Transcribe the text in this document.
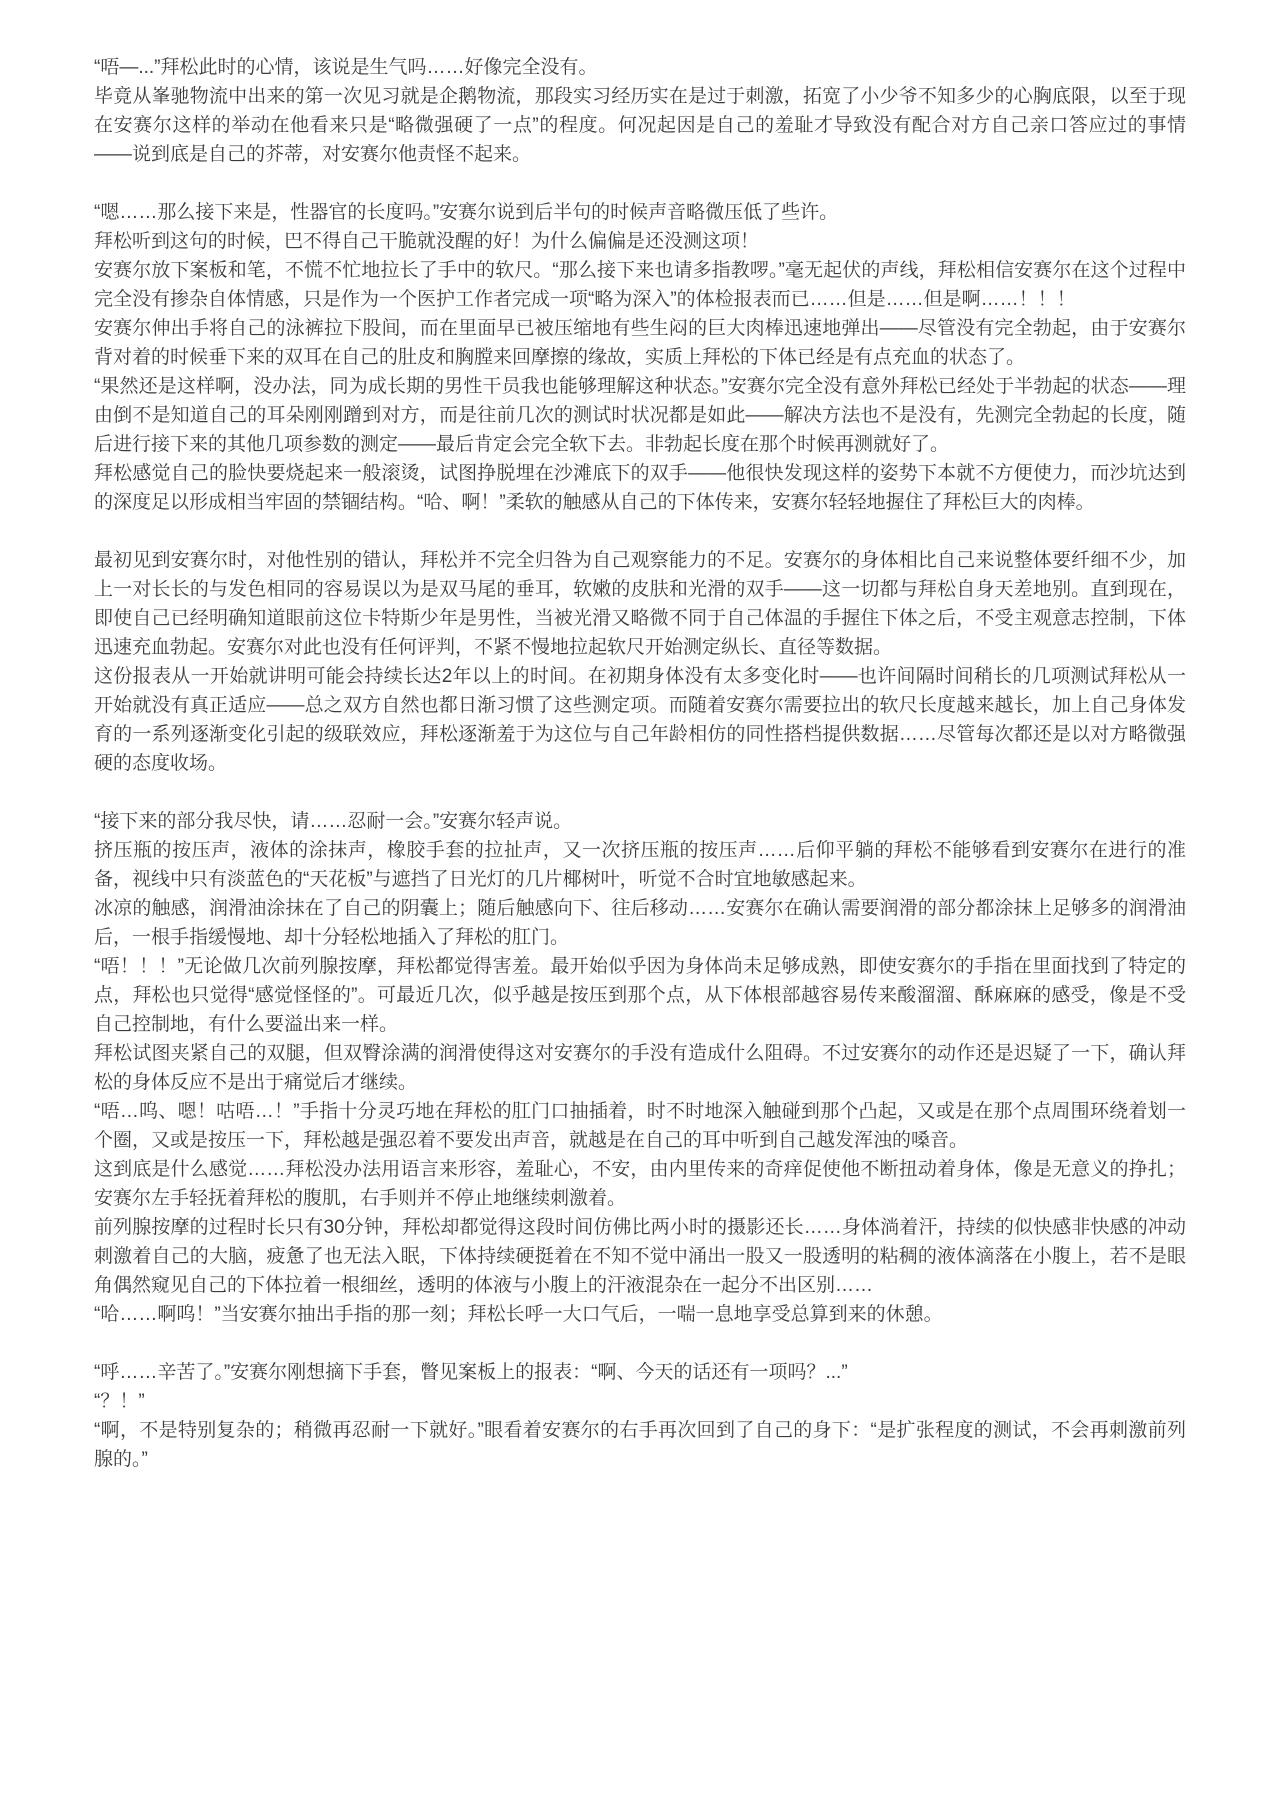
“唔—...”拜松此时的心情，该说是生气吗……好像完全没有。

毕竟从峯驰物流中出来的第一次见习就是企鹅物流，那段实习经历实在是过于刺激，拓宽了小少爷不知多少的心胸底限，以至于现在安赛尔这样的举动在他看来只是“略微强硬了一点”的程度。何况起因是自己的羞耻才导致没有配合对方自己亲口答应过的事情——说到底是自己的芥蒂，对安赛尔他责怪不起来。

“嗯……那么接下来是，性器官的长度吗。”安赛尔说到后半句的时候声音略微压低了些许。

拜松听到这句的时候，巴不得自己干脆就没醒的好！为什么偏偏是还没测这项！

安赛尔放下案板和笔，不慌不忙地拉长了手中的软尺。“那么接下来也请多指教啰。”毫无起伏的声线，拜松相信安赛尔在这个过程中完全没有掺杂自体情感，只是作为一个医护工作者完成一项“略为深入”的体检报表而已……但是……但是啊……！！！

安赛尔伸出手将自己的泳裤拉下股间，而在里面早已被压缩地有些生闷的巨大肉棒迅速地弹出——尽管没有完全勃起，由于安赛尔背对着的时候垂下来的双耳在自己的肚皮和胸膛来回摩擦的缘故，实质上拜松的下体已经是有点充血的状态了。

“果然还是这样啊，没办法，同为成长期的男性干员我也能够理解这种状态。”安赛尔完全没有意外拜松已经处于半勃起的状态——理由倒不是知道自己的耳朵刚刚蹭到对方，而是往前几次的测试时状况都是如此——解决方法也不是没有，先测完全勃起的长度，随后进行接下来的其他几项参数的测定——最后肯定会完全软下去。非勃起长度在那个时候再测就好了。

拜松感觉自己的脸快要烧起来一般滚烫，试图挣脱埋在沙滩底下的双手——他很快发现这样的姿势下本就不方便使力，而沙坑达到的深度足以形成相当牢固的禁锢结构。“哈、啊！”柔软的触感从自己的下体传来，安赛尔轻轻地握住了拜松巨大的肉棒。

最初见到安赛尔时，对他性别的错认，拜松并不完全归咎为自己观察能力的不足。安赛尔的身体相比自己来说整体要纤细不少，加上一对长长的与发色相同的容易误以为是双马尾的垂耳，软嫩的皮肤和光滑的双手——这一切都与拜松自身天差地别。直到现在，即使自己已经明确知道眼前这位卡特斯少年是男性，当被光滑又略微不同于自己体温的手握住下体之后，不受主观意志控制，下体迅速充血勃起。安赛尔对此也没有任何评判，不紧不慢地拉起软尺开始测定纵长、直径等数据。

这份报表从一开始就讲明可能会持续长达2年以上的时间。在初期身体没有太多变化时——也许间隔时间稍长的几项测试拜松从一开始就没有真正适应——总之双方自然也都日渐习惯了这些测定项。而随着安赛尔需要拉出的软尺长度越来越长，加上自己身体发育的一系列逐渐变化引起的级联效应，拜松逐渐羞于为这位与自己年龄相仿的同性搭档提供数据……尽管每次都还是以对方略微强硬的态度收场。

“接下来的部分我尽快，请……忍耐一会。”安赛尔轻声说。

挤压瓶的按压声，液体的涂抹声，橡胶手套的拉扯声，又一次挤压瓶的按压声……后仰平躺的拜松不能够看到安赛尔在进行的准备，视线中只有淡蓝色的“天花板”与遮挡了日光灯的几片椰树叶，听觉不合时宜地敏感起来。

冰凉的触感，润滑油涂抹在了自己的阴囊上；随后触感向下、往后移动……安赛尔在确认需要润滑的部分都涂抹上足够多的润滑油后，一根手指缓慢地、却十分轻松地插入了拜松的肛门。

“唔！！！”无论做几次前列腺按摩，拜松都觉得害羞。最开始似乎因为身体尚未足够成熟，即使安赛尔的手指在里面找到了特定的点，拜松也只觉得“感觉怪怪的”。可最近几次，似乎越是按压到那个点，从下体根部越容易传来酸溜溜、酥麻麻的感受，像是不受自己控制地，有什么要溢出来一样。

拜松试图夹紧自己的双腿，但双臀涂满的润滑使得这对安赛尔的手没有造成什么阻碍。不过安赛尔的动作还是迟疑了一下，确认拜松的身体反应不是出于痛觉后才继续。

“唔…呜、嗯！咕唔…！”手指十分灵巧地在拜松的肛门口抽插着，时不时地深入触碰到那个凸起，又或是在那个点周围环绕着划一个圈，又或是按压一下，拜松越是强忍着不要发出声音，就越是在自己的耳中听到自己越发浑浊的嗓音。

这到底是什么感觉……拜松没办法用语言来形容，羞耻心，不安，由内里传来的奇痒促使他不断扭动着身体，像是无意义的挣扎；安赛尔左手轻抚着拜松的腹肌，右手则并不停止地继续刺激着。

前列腺按摩的过程时长只有30分钟，拜松却都觉得这段时间仿佛比两小时的摄影还长……身体淌着汗，持续的似快感非快感的冲动刺激着自己的大脑，疲惫了也无法入眠，下体持续硬挺着在不知不觉中涌出一股又一股透明的粘稠的液体滴落在小腹上，若不是眼角偶然窥见自己的下体拉着一根细丝，透明的体液与小腹上的汗液混杂在一起分不出区别……

“哈……啊呜！”当安赛尔抽出手指的那一刻；拜松长呼一大口气后，一喘一息地享受总算到来的休憩。

“呼……辛苦了。”安赛尔刚想摘下手套，瞥见案板上的报表：“啊、今天的话还有一项吗？...”

“？！”

“啊，不是特别复杂的；稍微再忍耐一下就好。”眼看着安赛尔的右手再次回到了自己的身下：“是扩张程度的测试，不会再刺激前列腺的。”
